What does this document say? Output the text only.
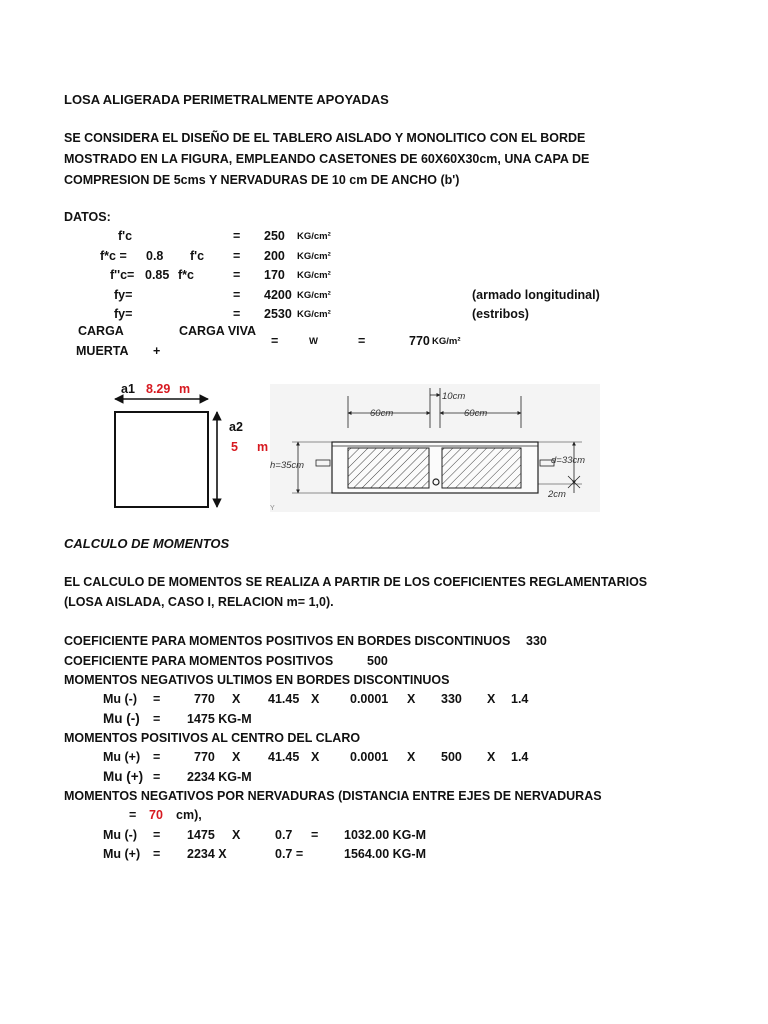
LOSA ALIGERADA PERIMETRALMENTE APOYADAS
SE CONSIDERA EL DISEÑO DE EL TABLERO AISLADO Y MONOLITICO CON EL BORDE
MOSTRADO EN LA FIGURA, EMPLEANDO CASETONES DE 60X60X30cm, UNA CAPA DE
COMPRESION DE 5cms Y NERVADURAS DE 10 cm DE ANCHO (b')
DATOS:
f'c	= 250 KG/cm²
f*c = 0.8 f'c = 200 KG/cm²
f''c= 0.85 f*c	= 170 KG/cm²
fy=	= 4200 KG/cm²	(armado longitudinal)
fy=	= 2530 KG/cm²	(estribos)
CARGA
MUERTA +
CARGA VIVA
=	W	=	770 KG/m²
a1 8.29 m
a2
5 m
10cm
60cm	60cm
h=35cm	d=33cm
2cm
Y
CALCULO DE MOMENTOS
EL CALCULO DE MOMENTOS SE REALIZA A PARTIR DE LOS COEFICIENTES REGLAMENTARIOS
(LOSA AISLADA, CASO I, RELACION m= 1,0).
COEFICIENTE PARA MOMENTOS POSITIVOS EN BORDES DISCONTINUOS 330
COEFICIENTE PARA MOMENTOS POSITIVOS	500
MOMENTOS NEGATIVOS ULTIMOS EN BORDES DISCONTINUOS
Mu (-) =	770 X 41.45 X 0.0001 X 330 X 1.4
Mu (-) = 1475 KG-M
MOMENTOS POSITIVOS AL CENTRO DEL CLARO
Mu (+) =	770 X 41.45 X 0.0001 X 500 X 1.4
Mu (+) = 2234 KG-M
MOMENTOS NEGATIVOS POR NERVADURAS (DISTANCIA ENTRE EJES DE NERVADURAS
= 70 cm),
Mu (-) = 1475 X	0.7 = 1032.00 KG-M
Mu (+) = 2234 X	0.7 =	1564.00 KG-M
